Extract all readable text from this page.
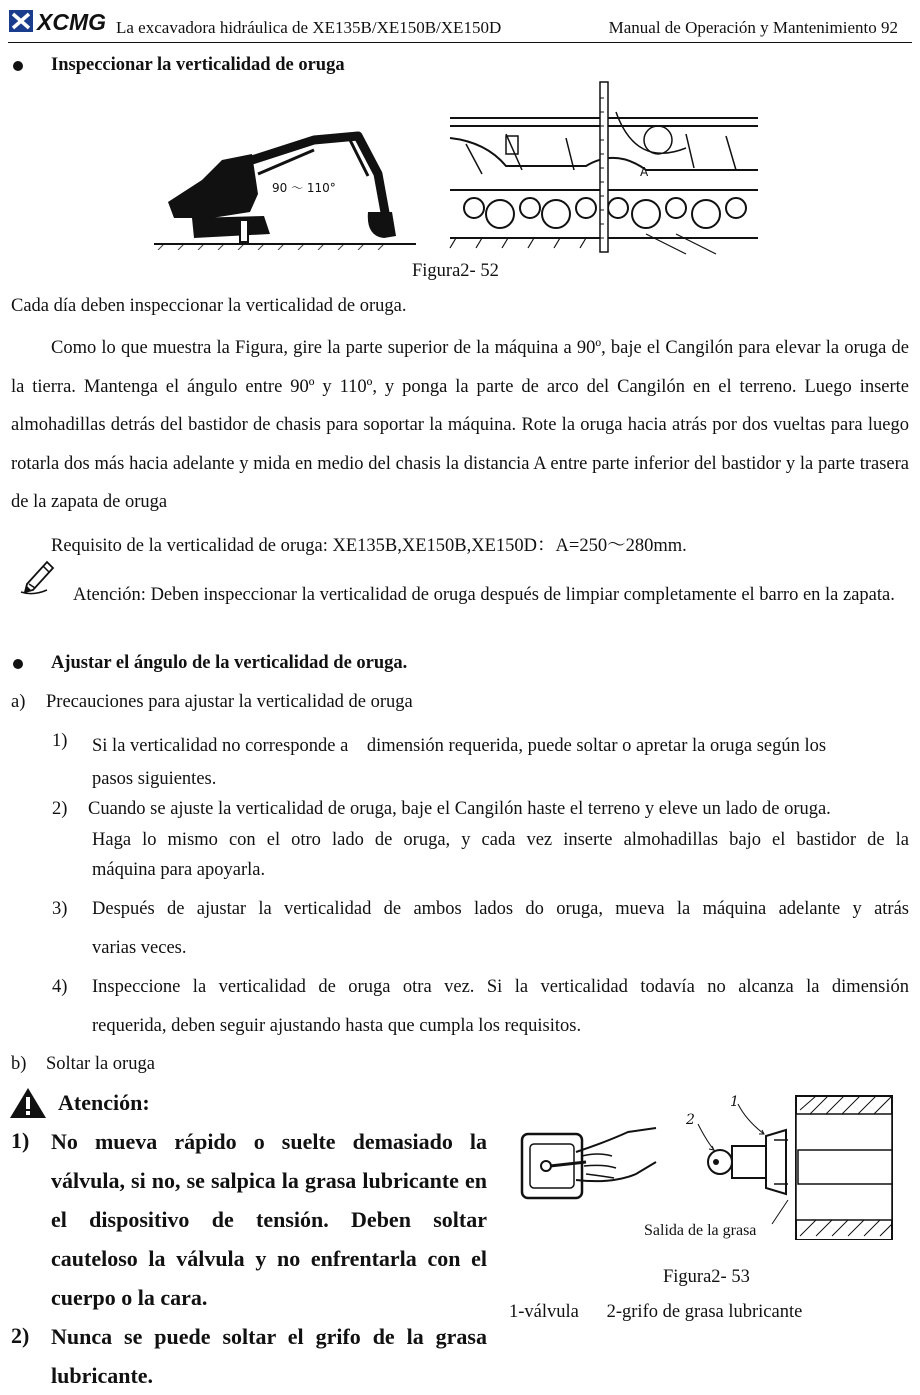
XCMG La excavadora hidráulica de XE135B/XE150B/XE150D	Manual de Operación y Mantenimiento 92
Inspeccionar la verticalidad de oruga
90 ～ 110°
A
Figura2- 52
Cada día deben inspeccionar la verticalidad de oruga.
Como lo que muestra la Figura, gire la parte superior de la máquina a 90º, baje el Cangilón para elevar la oruga de la tierra. Mantenga el ángulo entre 90º y 110º, y ponga la parte de arco del Cangilón en el terreno. Luego inserte almohadillas detrás del bastidor de chasis para soportar la máquina. Rote la oruga hacia atrás por dos vueltas para luego rotarla dos más hacia adelante y mida en medio del chasis la distancia A entre parte inferior del bastidor y la parte trasera de la zapata de oruga
Requisito de la verticalidad de oruga: XE135B,XE150B,XE150D：A=250～280mm.
Atención: Deben inspeccionar la verticalidad de oruga después de limpiar completamente el barro en la zapata.
Ajustar el ángulo de la verticalidad de oruga.
a) Precauciones para ajustar la verticalidad de oruga
1) Si la verticalidad no corresponde a　dimensión requerida, puede soltar o apretar la oruga según los
pasos siguientes.
2) Cuando se ajuste la verticalidad de oruga, baje el Cangilón haste el terreno y eleve un lado de oruga.
Haga lo mismo con el otro lado de oruga, y cada vez inserte almohadillas bajo el bastidor de la
máquina para apoyarla.
3) Después de ajustar la verticalidad de ambos lados do oruga, mueva la máquina adelante y atrás
varias veces.
4) Inspeccione la verticalidad de oruga otra vez. Si la verticalidad todavía no alcanza la dimensión
requerida, deben seguir ajustando hasta que cumpla los requisitos.
b) Soltar la oruga
Atención:
1) No mueva rápido o suelte demasiado la válvula, si no, se salpica la grasa lubricante en el dispositivo de tensión. Deben soltar cauteloso la válvula y no enfrentarla con el cuerpo o la cara.
2) Nunca se puede soltar el grifo de la grasa lubricante.
1
2
Salida de la grasa
Figura2- 53
1-válvula　  2-grifo de grasa lubricante
